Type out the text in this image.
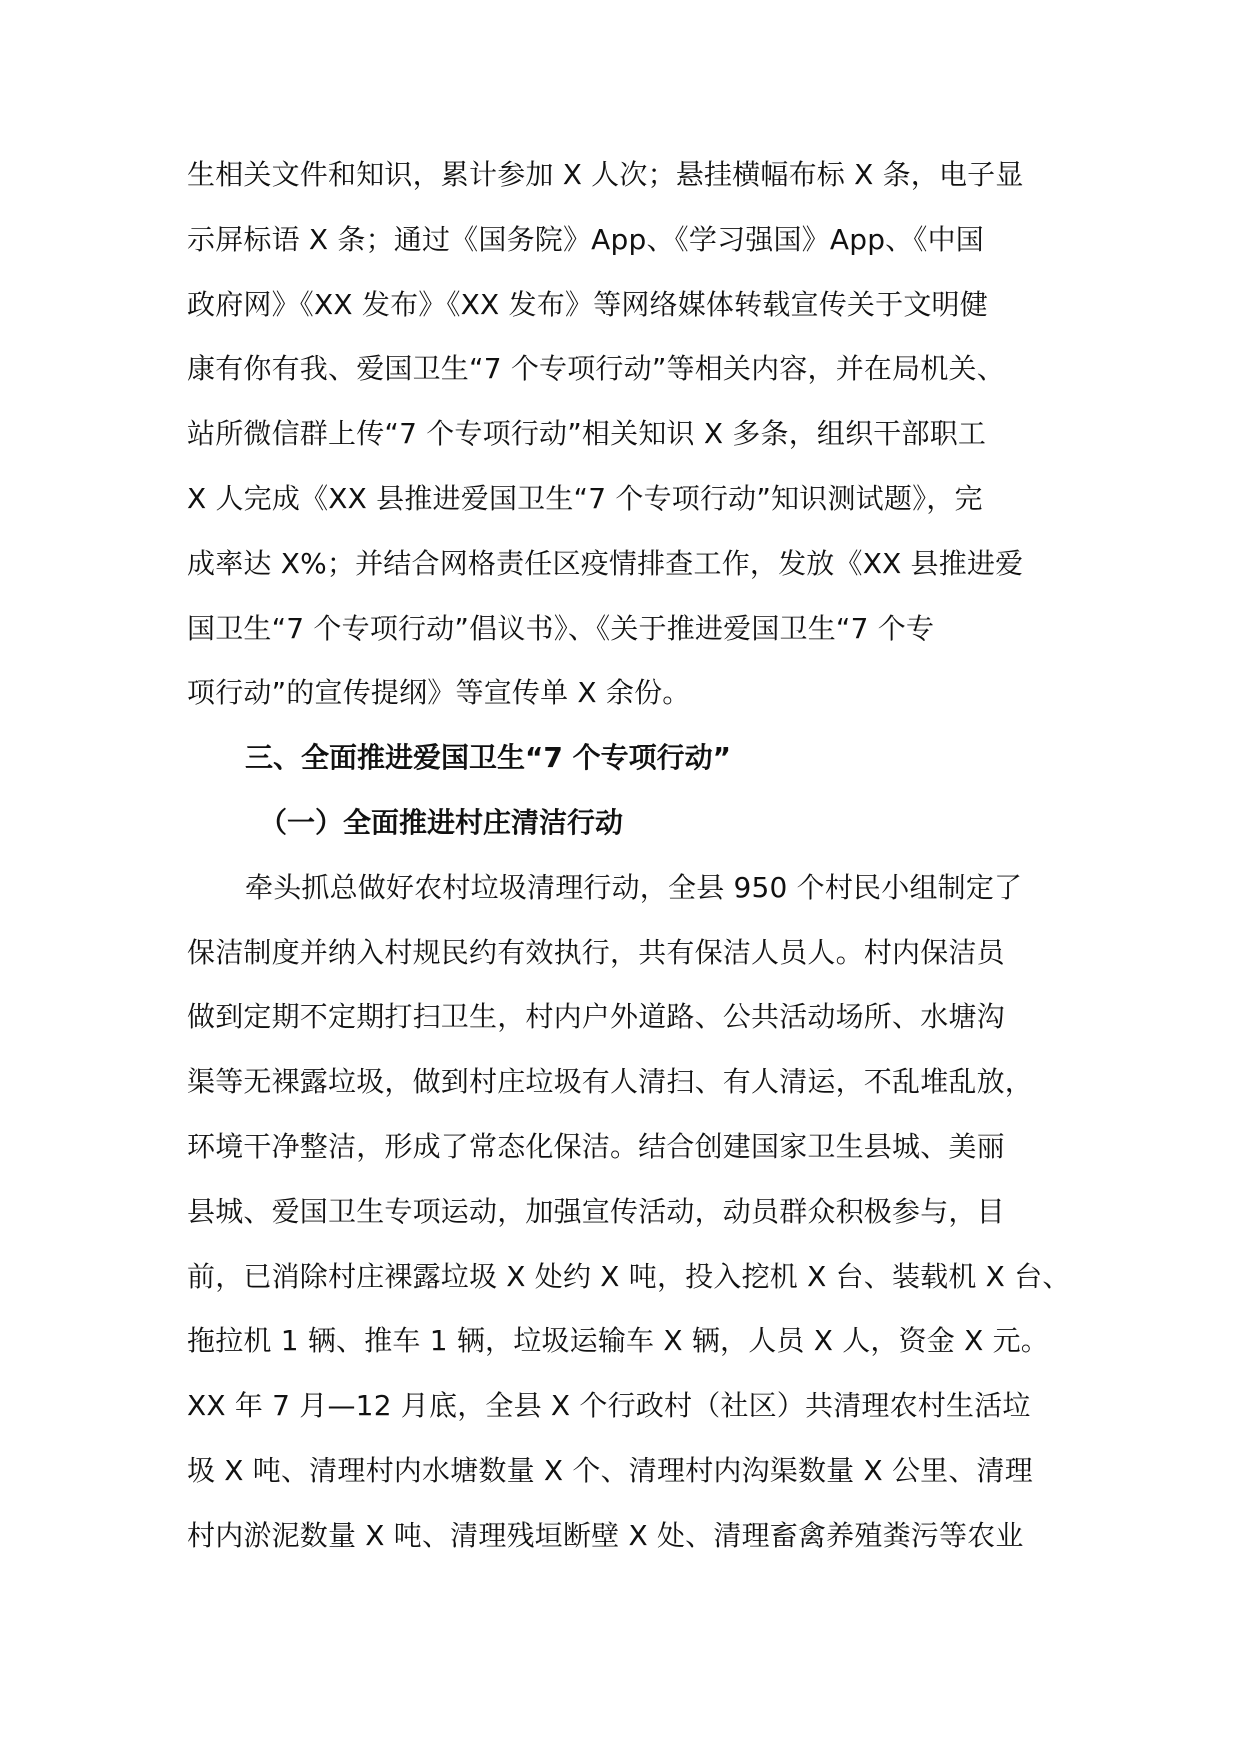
生相关文件和知识，累计参加 X 人次；悬挂横幅布标 X 条，电子显
示屏标语 X 条；通过《国务院》App、《学习强国》App、《中国
政府网》《XX 发布》《XX 发布》等网络媒体转载宣传关于文明健
康有你有我、爱国卫生“7 个专项行动”等相关内容，并在局机关、
站所微信群上传“7 个专项行动”相关知识 X 多条，组织干部职工
X 人完成《XX 县推进爱国卫生“7 个专项行动”知识测试题》，完
成率达 X%；并结合网格责任区疫情排查工作，发放《XX 县推进爱
国卫生“7 个专项行动”倡议书》、《关于推进爱国卫生“7 个专
项行动”的宣传提纲》等宣传单 X 余份。
三、全面推进爱国卫生“7 个专项行动”
（一）全面推进村庄清洁行动
牵头抓总做好农村垃圾清理行动，全县 950 个村民小组制定了
保洁制度并纳入村规民约有效执行，共有保洁人员人。村内保洁员
做到定期不定期打扫卫生，村内户外道路、公共活动场所、水塘沟
渠等无裸露垃圾，做到村庄垃圾有人清扫、有人清运，不乱堆乱放，
环境干净整洁，形成了常态化保洁。结合创建国家卫生县城、美丽
县城、爱国卫生专项运动，加强宣传活动，动员群众积极参与，目
前，已消除村庄裸露垃圾 X 处约 X 吨，投入挖机 X 台、装载机 X 台、
拖拉机 1 辆、推车 1 辆，垃圾运输车 X 辆，人员 X 人，资金 X 元。
XX 年 7 月—12 月底，全县 X 个行政村（社区）共清理农村生活垃
圾 X 吨、清理村内水塘数量 X 个、清理村内沟渠数量 X 公里、清理
村内淤泥数量 X 吨、清理残垣断壁 X 处、清理畜禽养殖粪污等农业
